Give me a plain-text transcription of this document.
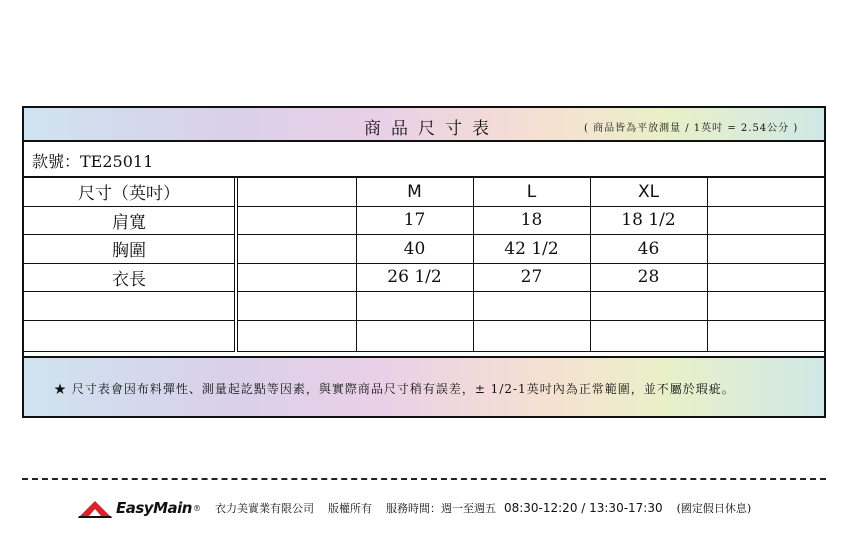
商品尺寸表	( 商品皆為平放測量 / 1英吋 = 2.54公分 )
款號：TE25011
尺寸（英吋）		M	L	XL	
肩寬		17	18	18 1/2	
胸圍		40	42 1/2	46	
衣長		26 1/2	27	28	

★ 尺寸表會因布料彈性、測量起訖點等因素，與實際商品尺寸稍有誤差，± 1/2-1英吋內為正常範圍，並不屬於瑕疵。
EasyMain ® 衣力美實業有限公司 版權所有 服務時間：週一至週五 08:30-12:20 / 13:30-17:30 (國定假日休息)
